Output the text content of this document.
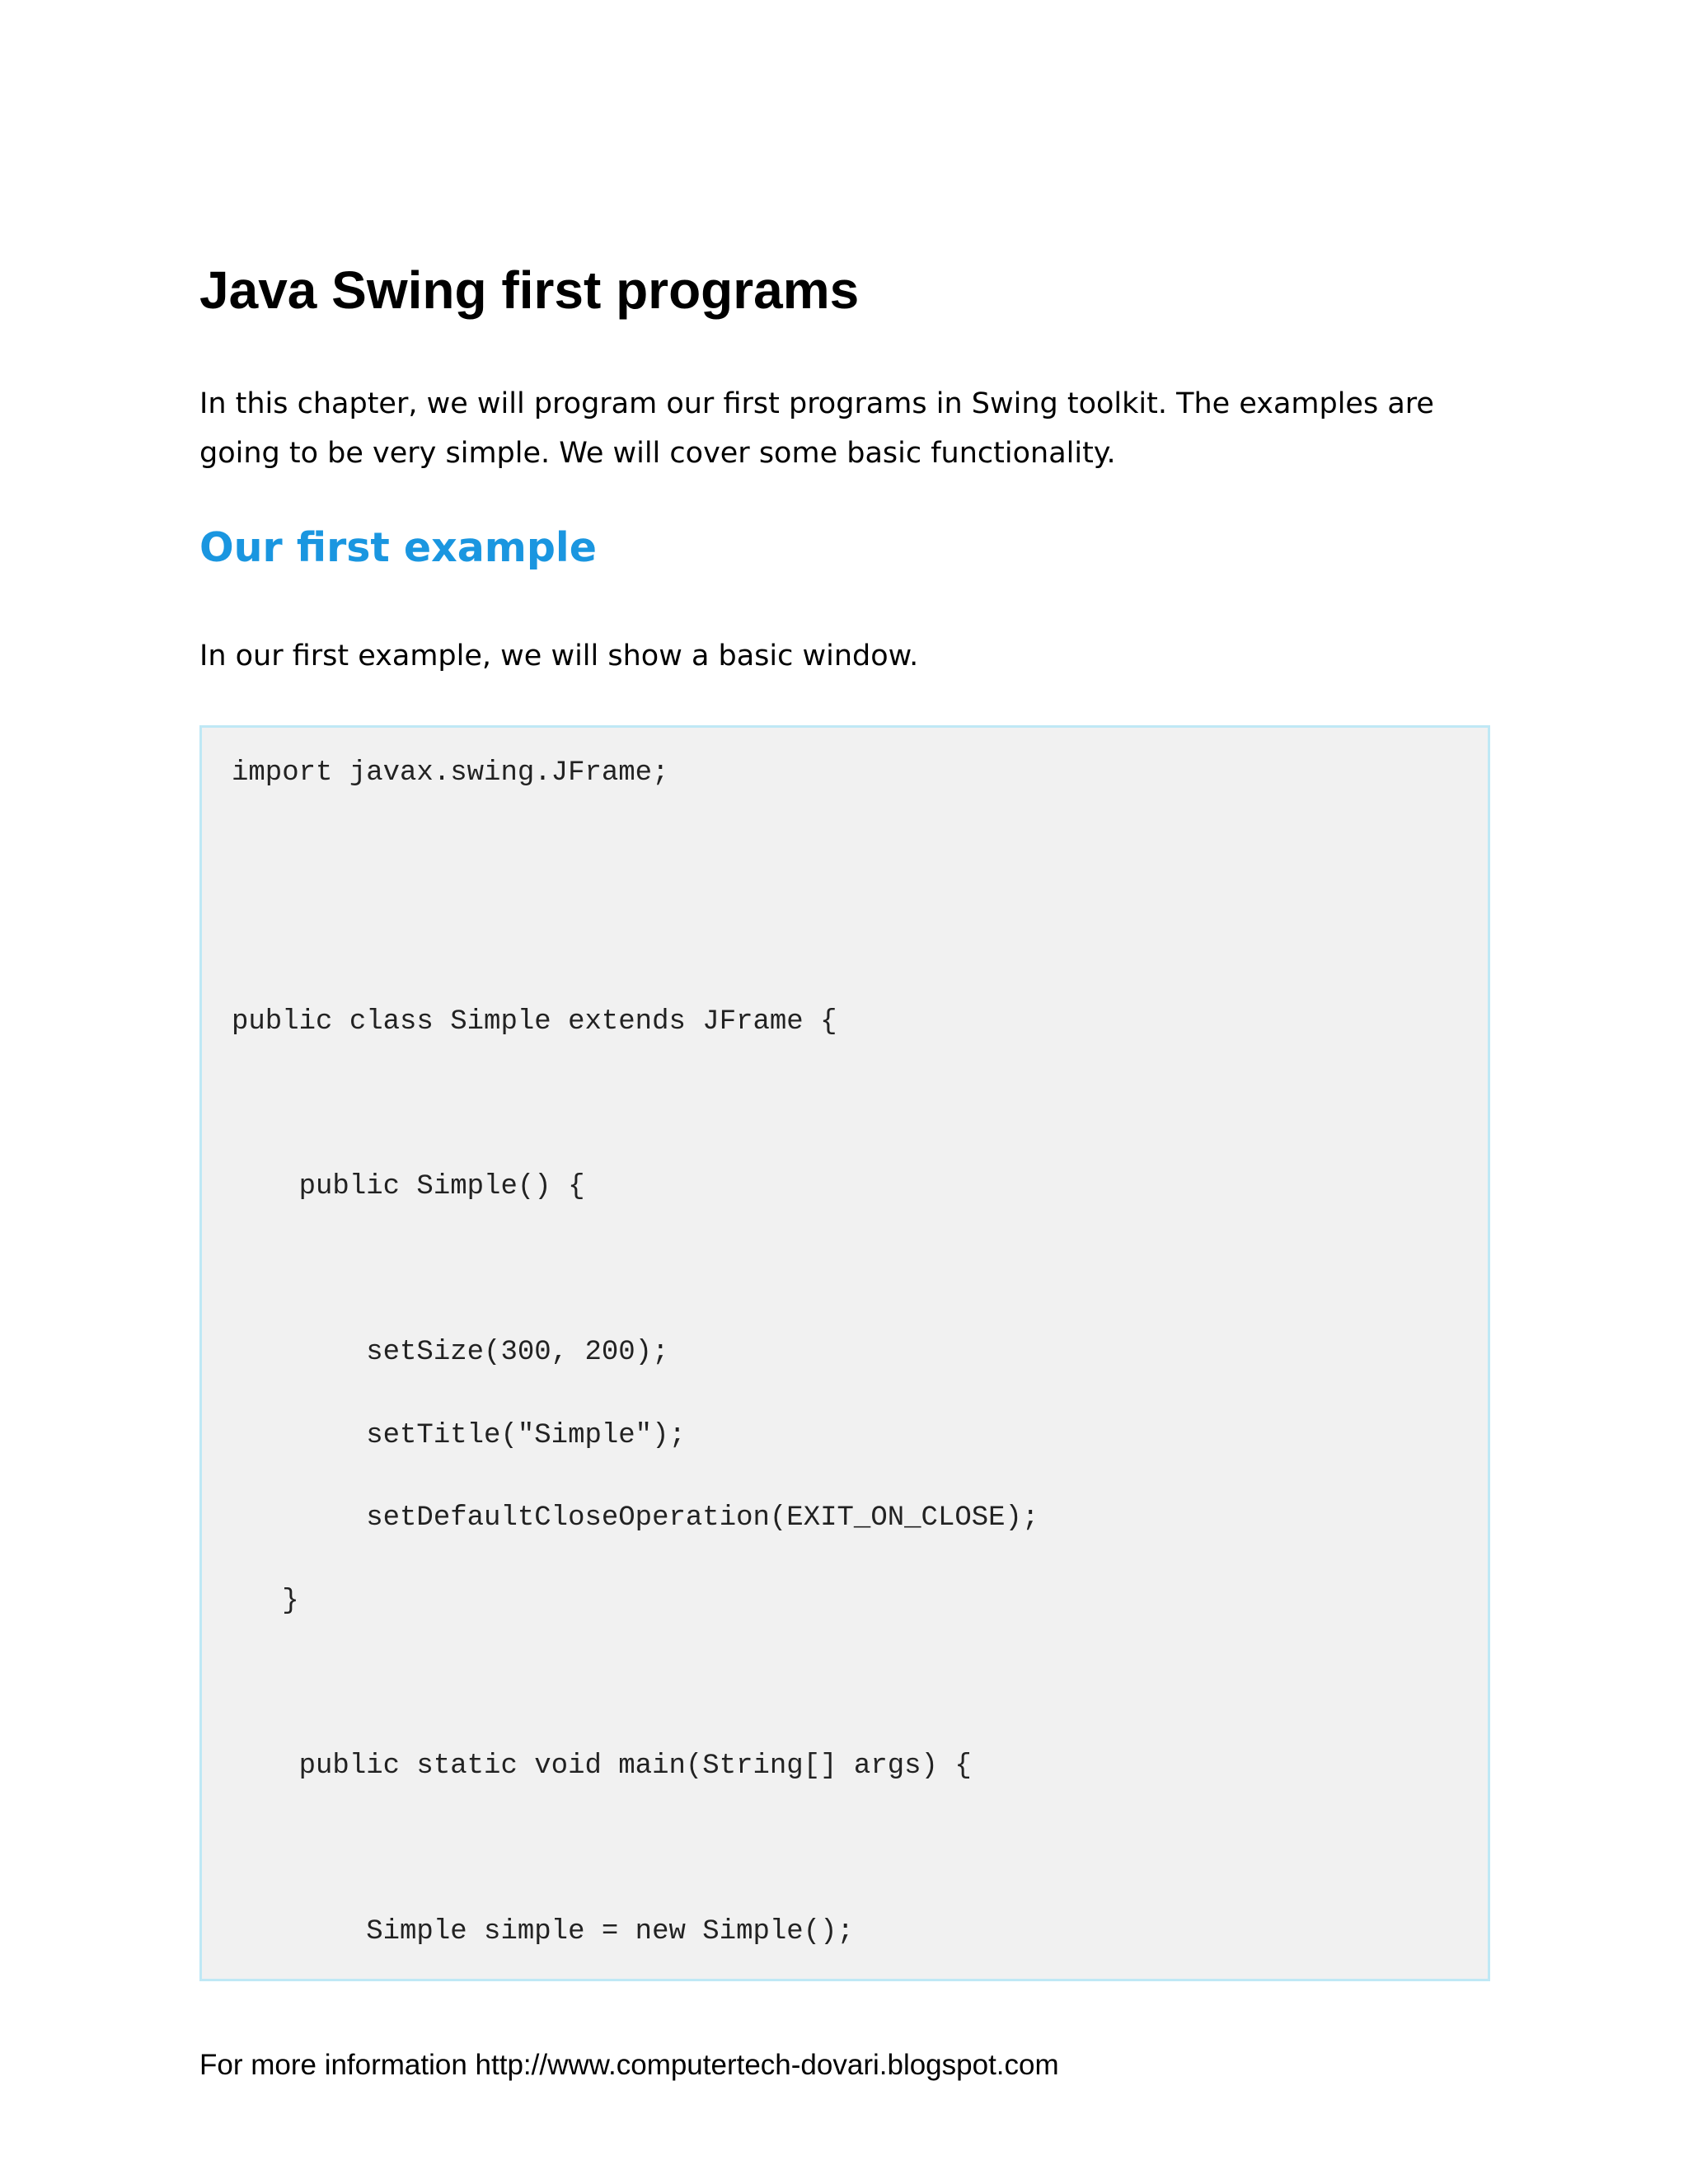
Java Swing first programs

In this chapter, we will program our first programs in Swing toolkit. The examples are going to be very simple. We will cover some basic functionality.

Our first example

In our first example, we will show a basic window.

import javax.swing.JFrame;
public class Simple extends JFrame {
public Simple() {
setSize(300, 200);
setTitle("Simple");
setDefaultCloseOperation(EXIT_ON_CLOSE);
}
public static void main(String[] args) {
Simple simple = new Simple();

For more information http://www.computertech-dovari.blogspot.com
